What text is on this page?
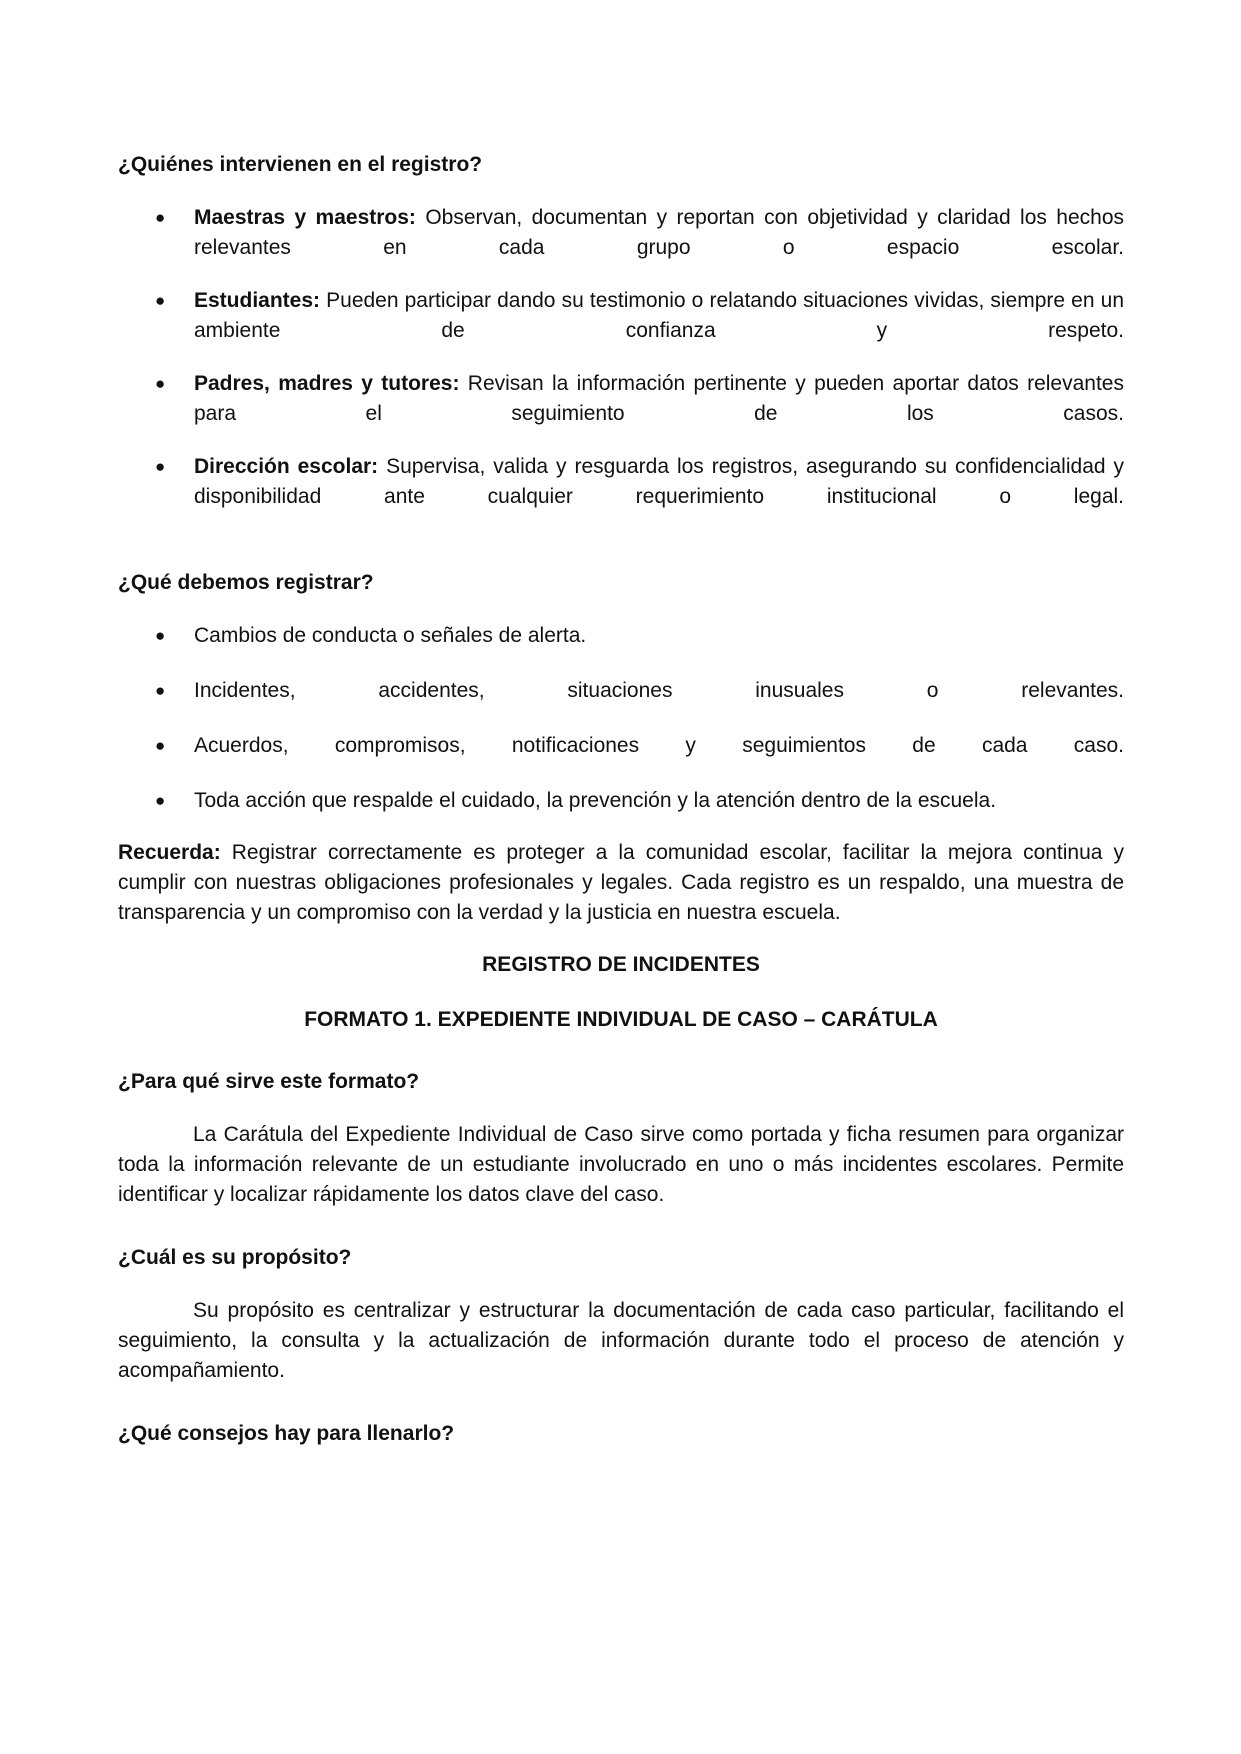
¿Quiénes intervienen en el registro?

● Maestras y maestros: Observan, documentan y reportan con objetividad y claridad los hechos relevantes en cada grupo o espacio escolar.
● Estudiantes: Pueden participar dando su testimonio o relatando situaciones vividas, siempre en un ambiente de confianza y respeto.
● Padres, madres y tutores: Revisan la información pertinente y pueden aportar datos relevantes para el seguimiento de los casos.
● Dirección escolar: Supervisa, valida y resguarda los registros, asegurando su confidencialidad y disponibilidad ante cualquier requerimiento institucional o legal.

¿Qué debemos registrar?

● Cambios de conducta o señales de alerta.
● Incidentes, accidentes, situaciones inusuales o relevantes.
● Acuerdos, compromisos, notificaciones y seguimientos de cada caso.
● Toda acción que respalde el cuidado, la prevención y la atención dentro de la escuela.

Recuerda: Registrar correctamente es proteger a la comunidad escolar, facilitar la mejora continua y cumplir con nuestras obligaciones profesionales y legales. Cada registro es un respaldo, una muestra de transparencia y un compromiso con la verdad y la justicia en nuestra escuela.

REGISTRO DE INCIDENTES

FORMATO 1. EXPEDIENTE INDIVIDUAL DE CASO – CARÁTULA

¿Para qué sirve este formato?

La Carátula del Expediente Individual de Caso sirve como portada y ficha resumen para organizar toda la información relevante de un estudiante involucrado en uno o más incidentes escolares. Permite identificar y localizar rápidamente los datos clave del caso.

¿Cuál es su propósito?

Su propósito es centralizar y estructurar la documentación de cada caso particular, facilitando el seguimiento, la consulta y la actualización de información durante todo el proceso de atención y acompañamiento.

¿Qué consejos hay para llenarlo?
